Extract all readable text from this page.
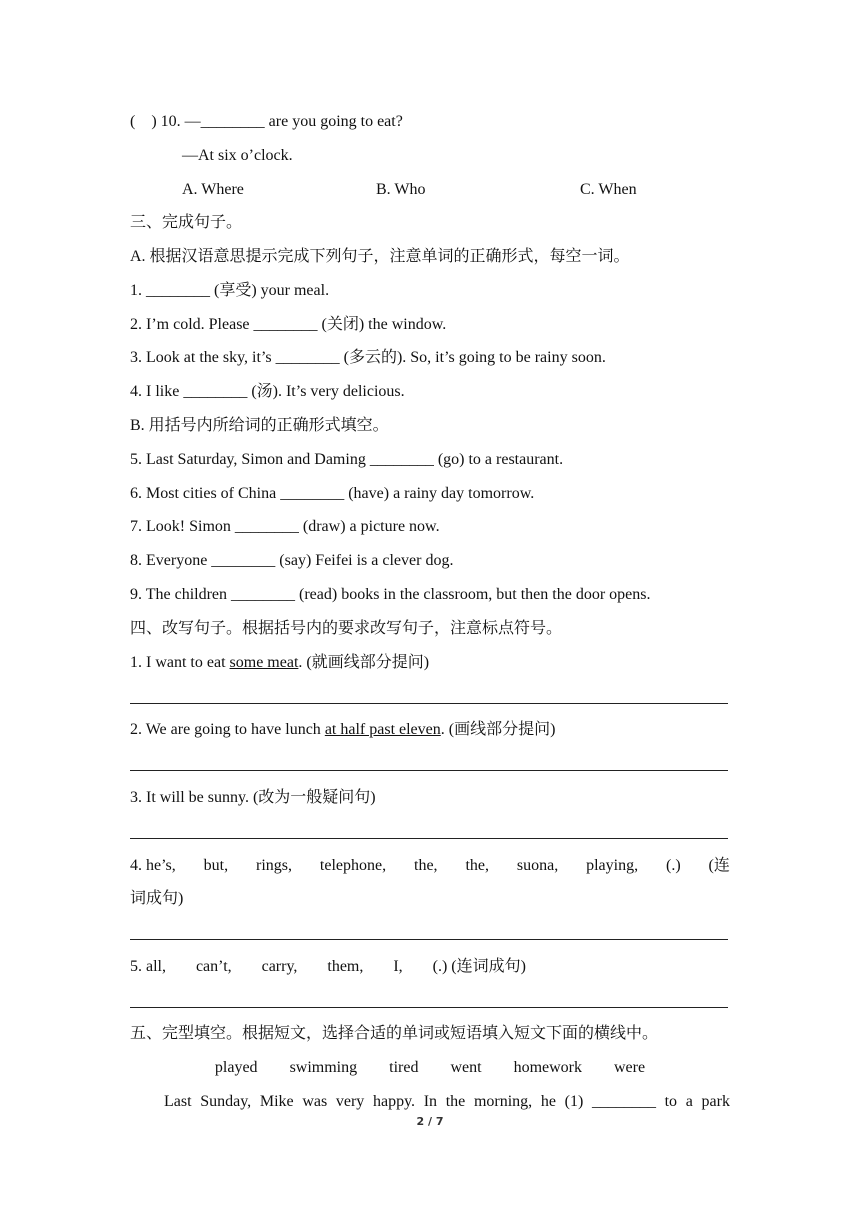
(    ) 10. —________ are you going to eat?
—At six o’clock.

A. Where

	B. Who

	C. When

三、完成句子。
A. 根据汉语意思提示完成下列句子，注意单词的正确形式，每空一词。
1. ________ (享受) your meal.
2. I’m cold. Please ________ (关闭) the window.
3. Look at the sky, it’s ________ (多云的). So, it’s going to be rainy soon.
4. I like ________ (汤). It’s very delicious.
B. 用括号内所给词的正确形式填空。
5. Last Saturday, Simon and Daming ________ (go) to a restaurant.
6. Most cities of China ________ (have) a rainy day tomorrow.
7. Look! Simon ________ (draw) a picture now.
8. Everyone ________ (say) Feifei is a clever dog.
9. The children ________ (read) books in the classroom, but then the door opens.
四、改写句子。根据括号内的要求改写句子，注意标点符号。
1. I want to eat some meat. (就画线部分提问)
2. We are going to have lunch at half past eleven. (画线部分提问)
3. It will be sunny. (改为一般疑问句)
4. he’s, but, rings, telephone, the, the, suona, playing, (.) (连
词成句)
5. all, can’t, carry, them, I, (.) (连词成句)
五、完型填空。根据短文，选择合适的单词或短语填入短文下面的横线中。
played swimming tired went homework were
Last Sunday, Mike was very happy. In the morning, he (1) ________ to a park
2 / 7
